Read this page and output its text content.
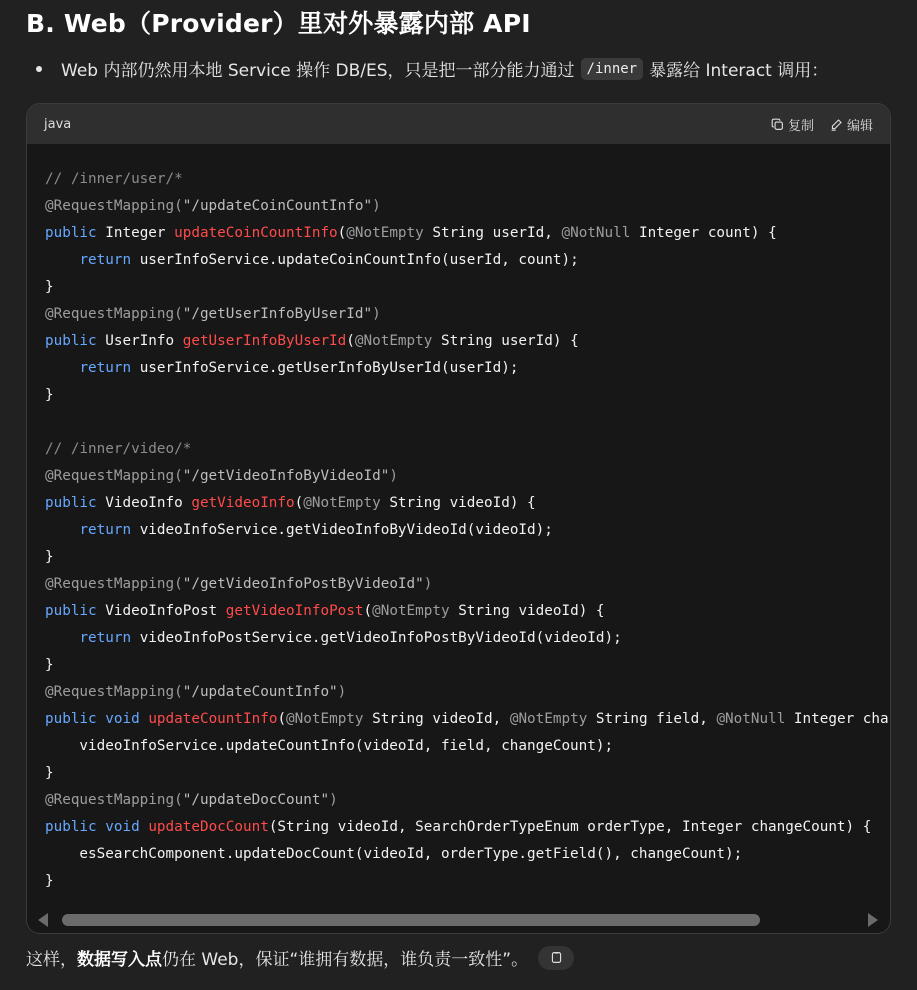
B. Web（Provider）里对外暴露内部 API
Web 内部仍然用本地 Service 操作 DB/ES，只是把一部分能力通过 /inner 暴露给 Interact 调用：
java	复制	编辑
// /inner/user/*
@RequestMapping("/updateCoinCountInfo")
public Integer updateCoinCountInfo(@NotEmpty String userId, @NotNull Integer count) {
return userInfoService.updateCoinCountInfo(userId, count);
}
@RequestMapping("/getUserInfoByUserId")
public UserInfo getUserInfoByUserId(@NotEmpty String userId) {
return userInfoService.getUserInfoByUserId(userId);
}
// /inner/video/*
@RequestMapping("/getVideoInfoByVideoId")
public VideoInfo getVideoInfo(@NotEmpty String videoId) {
return videoInfoService.getVideoInfoByVideoId(videoId);
}
@RequestMapping("/getVideoInfoPostByVideoId")
public VideoInfoPost getVideoInfoPost(@NotEmpty String videoId) {
return videoInfoPostService.getVideoInfoPostByVideoId(videoId);
}
@RequestMapping("/updateCountInfo")
public void updateCountInfo(@NotEmpty String videoId, @NotEmpty String field, @NotNull Integer cha
videoInfoService.updateCountInfo(videoId, field, changeCount);
}
@RequestMapping("/updateDocCount")
public void updateDocCount(String videoId, SearchOrderTypeEnum orderType, Integer changeCount) {
esSearchComponent.updateDocCount(videoId, orderType.getField(), changeCount);
}
这样， 数据写入点 仍在 Web，保证“谁拥有数据，谁负责一致性”。
